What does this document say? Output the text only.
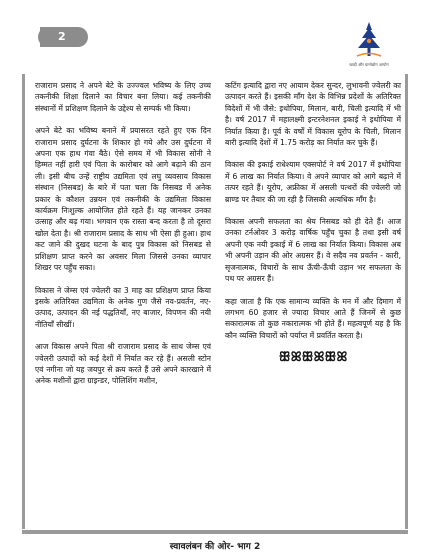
2
खादी और ग्रामोद्योग आयोग

राजाराम प्रसाद ने अपने बेटे के उज्ज्वल भविष्य के लिए उच्च तकनीकी शिक्षा दिलाने का विचार बना लिया। कई तकनीकी संस्थानों में प्रशिक्षण दिलाने के उद्देश्य से सम्पर्क भी किया।

अपने बेटे का भविष्य बनाने में प्रयासरत रहते हुए एक दिन राजाराम प्रसाद दुर्घटना के शिकार हो गये और उस दुर्घटना में अपना एक हाथ गंवा बैठे। ऐसे समय में भी विकास सोनी ने हिम्मत नहीं हारी एवं पिता के कारोबार को आगे बढ़ाने की ठान ली। इसी बीच उन्हें राष्ट्रीय उद्यमिता एवं लघु व्यवसाय विकास संस्थान (निसबड) के बारे में पता चला कि निसबड में अनेक प्रकार के कौशल उन्नयन एवं तकनीकी के उद्यमिता विकास कार्यक्रम निःशुल्क आयोजित होते रहते हैं। यह जानकर उनका उत्साह और बढ़ गया। भगवान एक रास्ता बन्द करता है तो दूसरा खोल देता है। श्री राजाराम प्रसाद के साथ भी ऐसा ही हुआ। हाथ कट जाने की दुखद घटना के बाद पुत्र विकास को निसबड से प्रशिक्षण प्राप्त करने का अवसर मिला जिससे उनका व्यापार शिखर पर पहुँच सका।

विकास ने जेम्स एवं ज्वेलरी का 3 माह का प्रशिक्षण प्राप्त किया इसके अतिरिक्त उद्यमिता के अनेक गुण जैसे नव-प्रवर्तन, नए-उत्पाद, उत्पादन की नई पद्धतियाँ, नए बाजार, विपणन की नयी नीतियाँ सीखीं।

आज विकास अपने पिता श्री राजाराम प्रसाद के साथ जेम्स एवं ज्वेलरी उत्पादों को कई देशों में निर्यात कर रहे हैं। असली स्टोन एवं नगीना जो यह जयपुर से क्रय करते हैं उसे अपने कारखाने में अनेक मशीनों द्वारा ग्राइन्डर, पोलिशिंग मशीन,

कटिंग इत्यादि द्वारा नए आयाम देकर सुन्दर, लुभावनी ज्वेलरी का उत्पादन करते हैं। इसकी माँग देश के विभिन्न प्रदेशों के अतिरिक्त विदेशों में भी जैसे: इथोपिया, मिलान, बारी, चिली इत्यादि में भी है। वर्ष 2017 में महालक्ष्मी इन्टरनेशनल इकाई ने इथोपिया में निर्यात किया है। पूर्व के वर्षों में विकास यूरोप के चिली, मिलान बारी इत्यादि देशों में 1.75 करोड़ का निर्यात कर चुके हैं।

विकास की इकाई राधेश्याम एक्सपोर्ट ने वर्ष 2017 में इथोपिया में 6 लाख का निर्यात किया। वे अपने व्यापार को आगे बढ़ाने में तत्पर रहते हैं। यूरोप, अफ्रीका में असली पत्थरों की ज्वेलरी जो ब्राण्ड पर तैयार की जा रही है जिसकी अत्यधिक माँग है।

विकास अपनी सफलता का श्रेय निसबड को ही देते हैं। आज उनका टर्नओवर 3 करोड़ वार्षिक पहुँच चुका है तथा इसी वर्ष अपनी एक नयी इकाई में 6 लाख का निर्यात किया। विकास अब भी अपनी उड़ान की ओर अग्रसर हैं। वे सदैव नव प्रवर्तन - कारी, सृजनात्मक, विचारों के साथ ऊँची-ऊँची उड़ान भर सफलता के पथ पर अग्रसर हैं।

कहा जाता है कि एक सामान्य व्यक्ति के मन में और दिमाग में लगभग 60 हजार से ज्यादा विचार आते हैं जिनमें से कुछ सकारात्मक तो कुछ नकारात्मक भी होते हैं। महत्वपूर्ण यह है कि कौन व्यक्ति विचारों को पर्याप्त में प्रवर्तित करता है।

ꕥꕤꕥꕤꕥꕤ
स्वावलंबन की ओर- भाग 2
